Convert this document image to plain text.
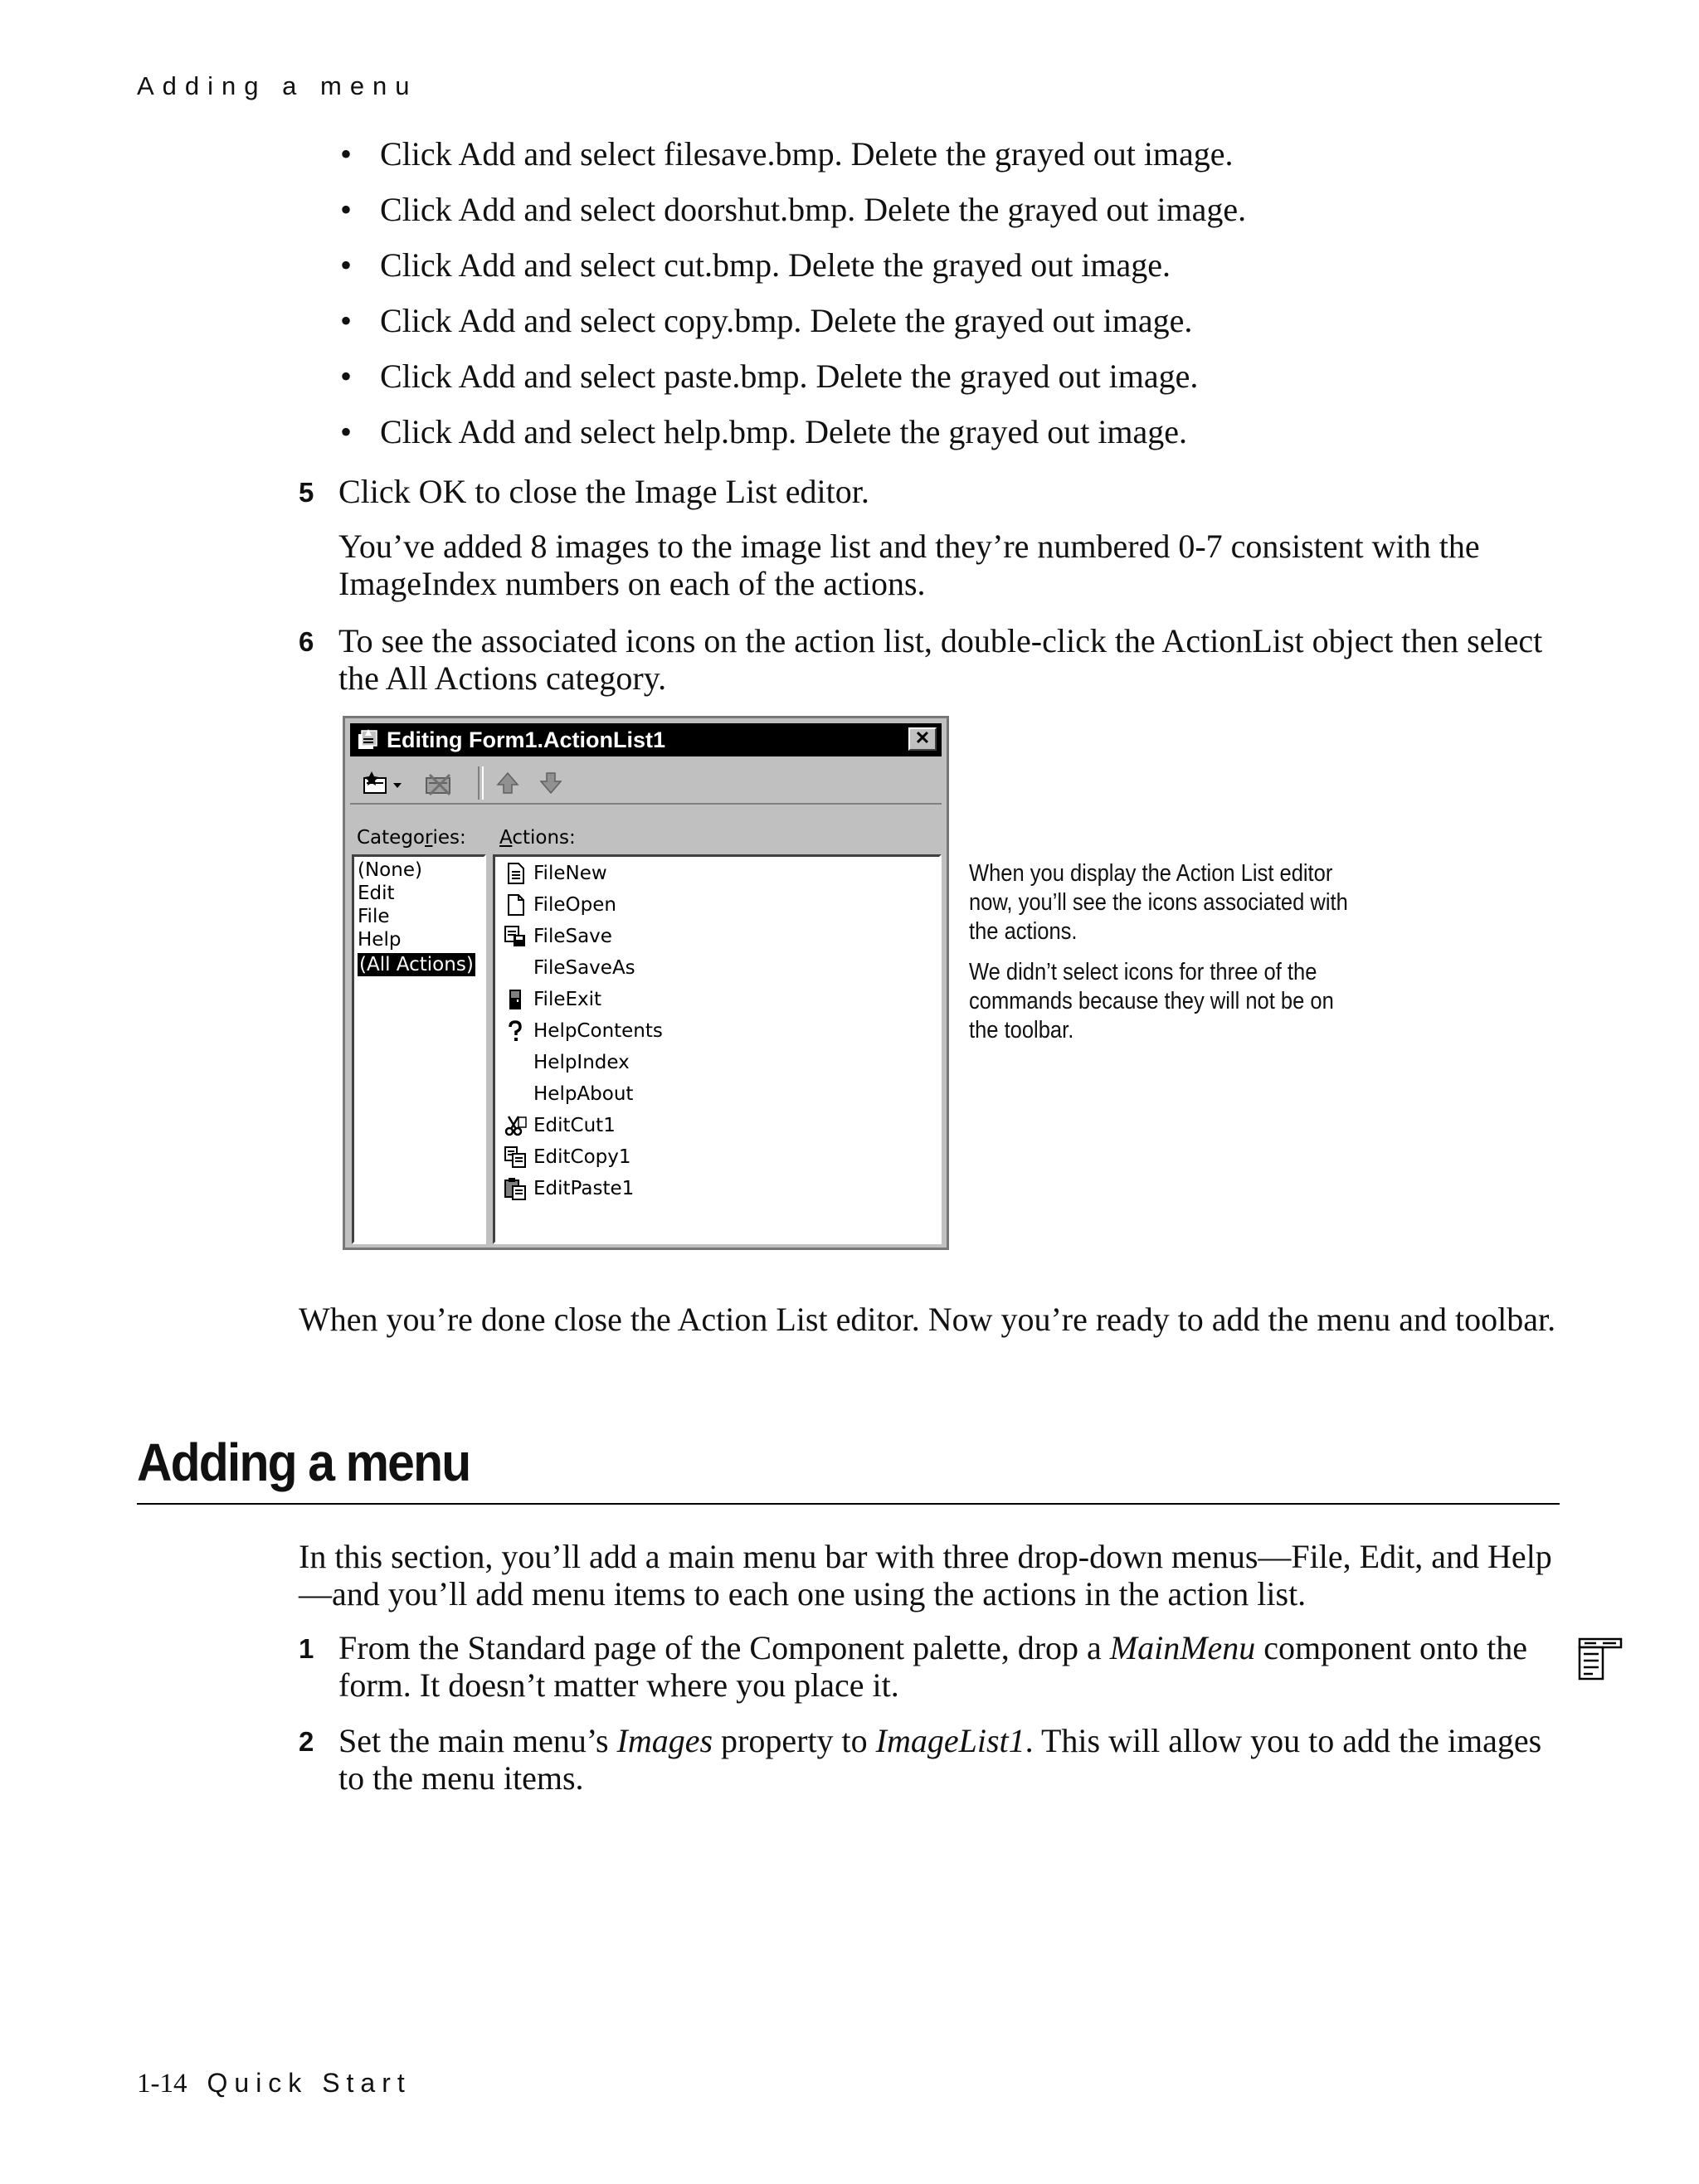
Adding a menu
• Click Add and select filesave.bmp. Delete the grayed out image.
• Click Add and select doorshut.bmp. Delete the grayed out image.
• Click Add and select cut.bmp. Delete the grayed out image.
• Click Add and select copy.bmp. Delete the grayed out image.
• Click Add and select paste.bmp. Delete the grayed out image.
• Click Add and select help.bmp. Delete the grayed out image.
5 Click OK to close the Image List editor.
You’ve added 8 images to the image list and they’re numbered 0-7 consistent with the ImageIndex numbers on each of the actions.
6 To see the associated icons on the action list, double-click the ActionList object then select the All Actions category.
Editing Form1.ActionList1	✕
Categories: Actions:
(None)
Edit
File
Help
(All Actions)
FileNew
FileOpen
FileSave
FileSaveAs
FileExit
HelpContents
HelpIndex
HelpAbout
EditCut1
EditCopy1
EditPaste1

When you display the Action List editor now, you’ll see the icons associated with the actions.

We didn’t select icons for three of the commands because they will not be on the toolbar.

When you’re done close the Action List editor. Now you’re ready to add the menu and toolbar.
Adding a menu
In this section, you’ll add a main menu bar with three drop-down menus—File, Edit, and Help—and you’ll add menu items to each one using the actions in the action list.
1 From the Standard page of the Component palette, drop a MainMenu component onto the form. It doesn’t matter where you place it.
2 Set the main menu’s Images property to ImageList1. This will allow you to add the images to the menu items.
1-14 Quick Start
